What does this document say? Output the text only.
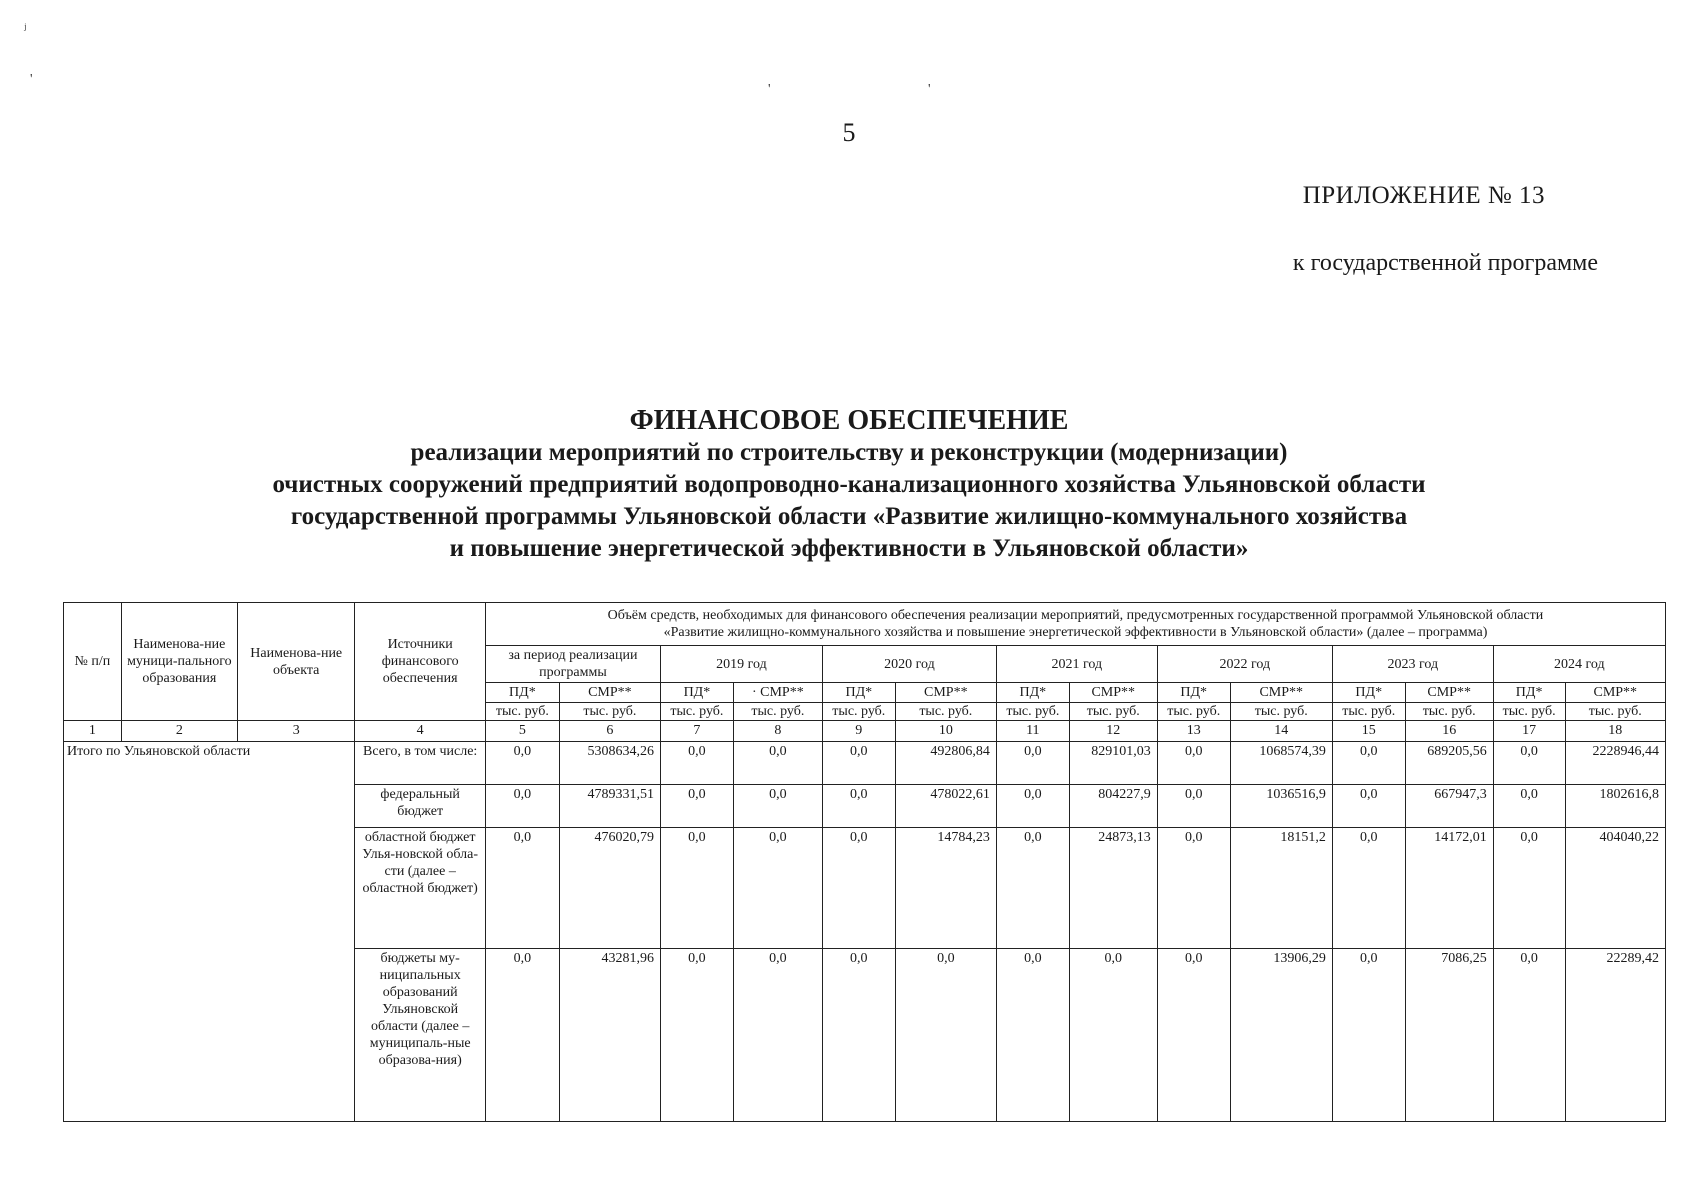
ʲ
'
'	'
5
ПРИЛОЖЕНИЕ № 13
к государственной программе
ФИНАНСОВОЕ ОБЕСПЕЧЕНИЕ
реализации мероприятий по строительству и реконструкции (модернизации)
очистных сооружений предприятий водопроводно-канализационного хозяйства Ульяновской области
государственной программы Ульяновской области «Развитие жилищно-коммунального хозяйства
и повышение энергетической эффективности в Ульяновской области»
№ п/п	Наименова-ние муници-пального образования	Наименова-ние объекта	Источники финансового обеспечения	Объём средств, необходимых для финансового обеспечения реализации мероприятий, предусмотренных государственной программой Ульяновской области «Развитие жилищно-коммунального хозяйства и повышение энергетической эффективности в Ульяновской области» (далее – программа)													
				за период реализации программы		2019 год		2020 год		2021 год		2022 год		2023 год		2024 год	
				ПД*	СМР**	ПД*	· СМР**	ПД*	СМР**	ПД*	СМР**	ПД*	СМР**	ПД*	СМР**	ПД*	СМР**
				тыс. руб.	тыс. руб.	тыс. руб.	тыс. руб.	тыс. руб.	тыс. руб.	тыс. руб.	тыс. руб.	тыс. руб.	тыс. руб.	тыс. руб.	тыс. руб.	тыс. руб.	тыс. руб.
1	2	3	4	5	6	7	8	9	10	11	12	13	14	15	16	17	18
Итого по Ульяновской области			Всего, в том числе:	0,0	5308634,26	0,0	0,0	0,0	492806,84	0,0	829101,03	0,0	1068574,39	0,0	689205,56	0,0	2228946,44
			федеральный бюджет	0,0	4789331,51	0,0	0,0	0,0	478022,61	0,0	804227,9	0,0	1036516,9	0,0	667947,3	0,0	1802616,8
			областной бюджет Улья-новской обла-сти (далее – областной бюджет)	0,0	476020,79	0,0	0,0	0,0	14784,23	0,0	24873,13	0,0	18151,2	0,0	14172,01	0,0	404040,22
			бюджеты му-ниципальных образований Ульяновской области (далее – муниципаль-ные образова-ния)	0,0	43281,96	0,0	0,0	0,0	0,0	0,0	0,0	0,0	13906,29	0,0	7086,25	0,0	22289,42
